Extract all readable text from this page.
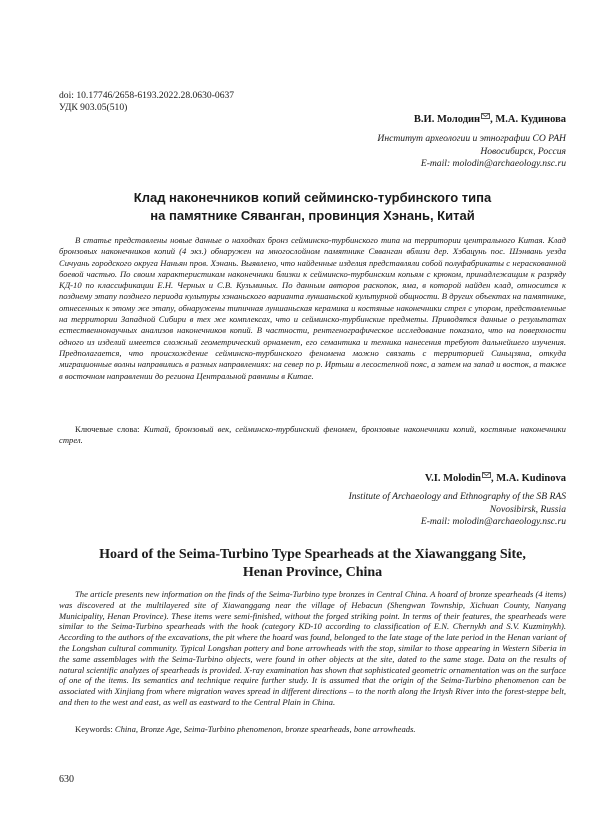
doi: 10.17746/2658-6193.2022.28.0630-0637
УДК 903.05(510)
В.И. Молодин , М.А. Кудинова
Институт археологии и этнографии СО РАН
Новосибирск, Россия
E-mail: molodin@archaeology.nsc.ru
Клад наконечников копий сейминско-турбинского типа
на памятнике Сяванган, провинция Хэнань, Китай
В статье представлены новые данные о находках бронз сейминско-турбинского типа на территории центрального Китая. Клад бронзовых наконечников копий (4 экз.) обнаружен на многослойном памятнике Сяванган вблизи дер. Хэбацунь пос. Шэнвань уезда Сичуань городского округа Наньян пров. Хэнань. Выявлено, что найденные изделия представляли собой полуфабрикаты с нераскованной боевой частью. По своим характеристикам наконечники близки к сейминско-турбинским копьям с крюком, принадлежащим к разряду КД-10 по классификации Е.Н. Черных и С.В. Кузьминых. По данным авторов раскопок, яма, в которой найден клад, относится к позднему этапу позднего периода культуры хэнаньского варианта луншаньской культурной общности. В других объектах на памятнике, отнесенных к этому же этапу, обнаружены типичная луншаньская керамика и костяные наконечники стрел с упором, представленные на территории Западной Сибири в тех же комплексах, что и сейминско-турбинские предметы. Приводятся данные о результатах естественнонаучных анализов наконечников копий. В частности, рентгенографическое исследование показало, что на поверхности одного из изделий имеется сложный геометрический орнамент, его семантика и техника нанесения требуют дальнейшего изучения. Предполагается, что происхождение сейминско-турбинского феномена можно связать с территорией Синьцзяна, откуда миграционные волны направились в разных направлениях: на север по р. Иртыш в лесостепной пояс, а затем на запад и восток, а также в восточном направлении до региона Центральной равнины в Китае.
Ключевые слова: Китай, бронзовый век, сейминско-турбинский феномен, бронзовые наконечники копий, костяные наконечники стрел.
V.I. Molodin , M.A. Kudinova
Institute of Archaeology and Ethnography of the SB RAS
Novosibirsk, Russia
E-mail: molodin@archaeology.nsc.ru
Hoard of the Seima-Turbino Type Spearheads at the Xiawanggang Site,
Henan Province, China
The article presents new information on the finds of the Seima-Turbino type bronzes in Central China. A hoard of bronze spearheads (4 items) was discovered at the multilayered site of Xiawanggang near the village of Hebacun (Shengwan Township, Xichuan County, Nanyang Municipality, Henan Province). These items were semi-finished, without the forged striking point. In terms of their features, the spearheads were similar to the Seima-Turbino spearheads with the hook (category KD-10 according to classification of E.N. Chernykh and S.V. Kuzminykh). According to the authors of the excavations, the pit where the hoard was found, belonged to the late stage of the late period in the Henan variant of the Longshan cultural community. Typical Longshan pottery and bone arrowheads with the stop, similar to those appearing in Western Siberia in the same assemblages with the Seima-Turbino objects, were found in other objects at the site, dated to the same stage. Data on the results of natural scientific analyzes of spearheads is provided. X-ray examination has shown that sophisticated geometric ornamentation was on the surface of one of the items. Its semantics and technique require further study. It is assumed that the origin of the Seima-Turbino phenomenon can be associated with Xinjiang from where migration waves spread in different directions – to the north along the Irtysh River into the forest-steppe belt, and then to the west and east, as well as eastward to the Central Plain in China.
Keywords: China, Bronze Age, Seima-Turbino phenomenon, bronze spearheads, bone arrowheads.
630
